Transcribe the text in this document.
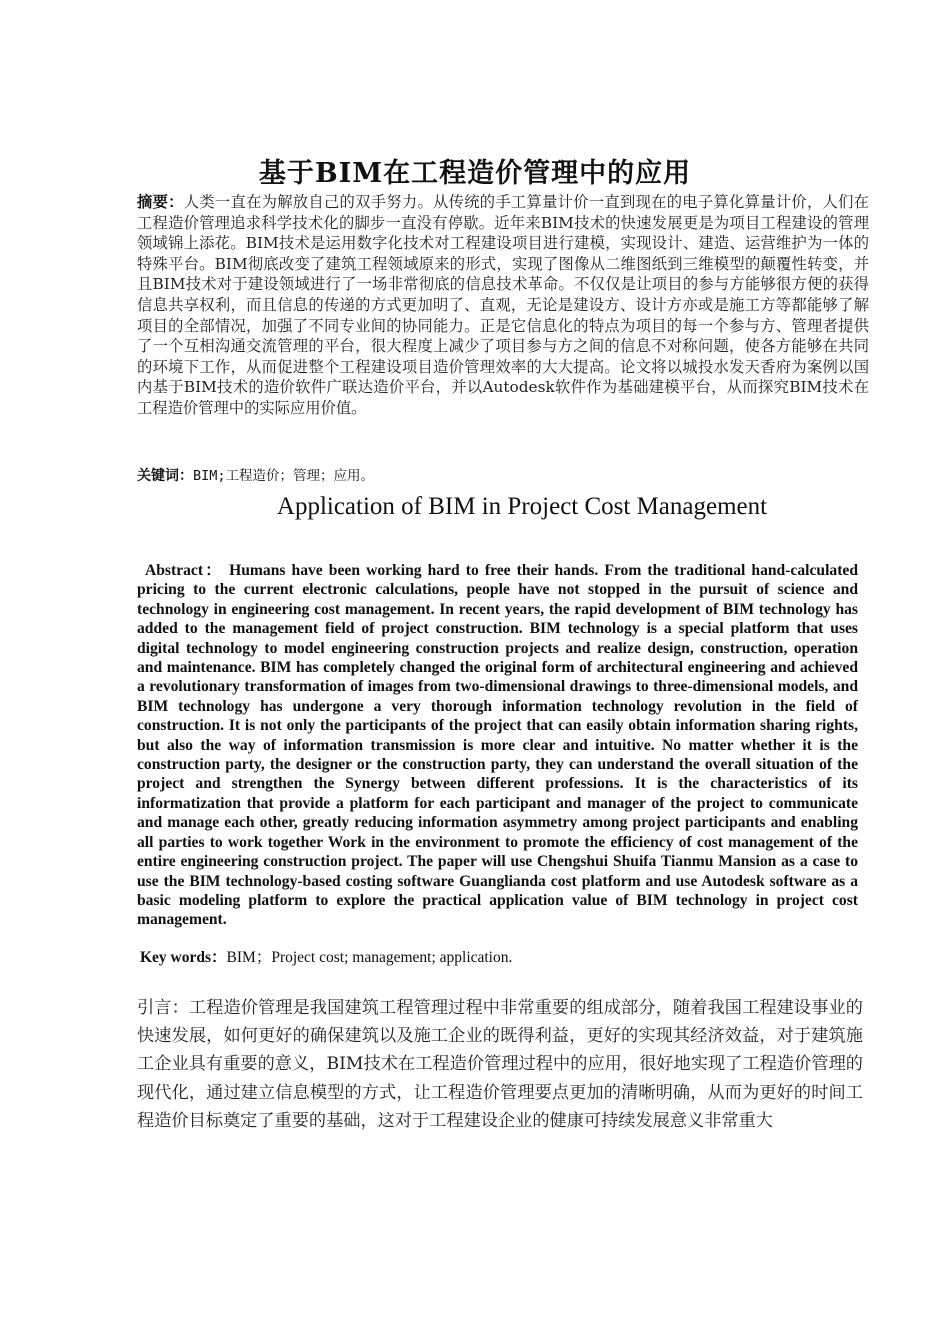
基于BIM在工程造价管理中的应用
摘要：人类一直在为解放自己的双手努力。从传统的手工算量计价一直到现在的电子算化算量计价，人们在工程造价管理追求科学技术化的脚步一直没有停歇。近年来BIM技术的快速发展更是为项目工程建设的管理领域锦上添花。BIM技术是运用数字化技术对工程建设项目进行建模，实现设计、建造、运营维护为一体的特殊平台。BIM彻底改变了建筑工程领域原来的形式，实现了图像从二维图纸到三维模型的颠覆性转变，并且BIM技术对于建设领域进行了一场非常彻底的信息技术革命。不仅仅是让项目的参与方能够很方便的获得信息共享权利，而且信息的传递的方式更加明了、直观，无论是建设方、设计方亦或是施工方等都能够了解项目的全部情况，加强了不同专业间的协同能力。正是它信息化的特点为项目的每一个参与方、管理者提供了一个互相沟通交流管理的平台，很大程度上减少了项目参与方之间的信息不对称问题，使各方能够在共同的环境下工作，从而促进整个工程建设项目造价管理效率的大大提高。论文将以城投水发天香府为案例以国内基于BIM技术的造价软件广联达造价平台，并以Autodesk软件作为基础建模平台，从而探究BIM技术在工程造价管理中的实际应用价值。
关键词：BIM;工程造价；管理；应用。
Application of BIM in Project Cost Management
Abstract： Humans have been working hard to free their hands. From the traditional hand-calculated pricing to the current electronic calculations, people have not stopped in the pursuit of science and technology in engineering cost management. In recent years, the rapid development of BIM technology has added to the management field of project construction. BIM technology is a special platform that uses digital technology to model engineering construction projects and realize design, construction, operation and maintenance. BIM has completely changed the original form of architectural engineering and achieved a revolutionary transformation of images from two-dimensional drawings to three-dimensional models, and BIM technology has undergone a very thorough information technology revolution in the field of construction. It is not only the participants of the project that can easily obtain information sharing rights, but also the way of information transmission is more clear and intuitive. No matter whether it is the construction party, the designer or the construction party, they can understand the overall situation of the project and strengthen the Synergy between different professions. It is the characteristics of its informatization that provide a platform for each participant and manager of the project to communicate and manage each other, greatly reducing information asymmetry among project participants and enabling all parties to work together Work in the environment to promote the efficiency of cost management of the entire engineering construction project. The paper will use Chengshui Shuifa Tianmu Mansion as a case to use the BIM technology-based costing software Guanglianda cost platform and use Autodesk software as a basic modeling platform to explore the practical application value of BIM technology in project cost management.
Key words：BIM；Project cost; management; application.
引言：工程造价管理是我国建筑工程管理过程中非常重要的组成部分，随着我国工程建设事业的快速发展，如何更好的确保建筑以及施工企业的既得利益，更好的实现其经济效益，对于建筑施工企业具有重要的意义，BIM技术在工程造价管理过程中的应用，很好地实现了工程造价管理的现代化，通过建立信息模型的方式，让工程造价管理要点更加的清晰明确，从而为更好的时间工程造价目标奠定了重要的基础，这对于工程建设企业的健康可持续发展意义非常重大
